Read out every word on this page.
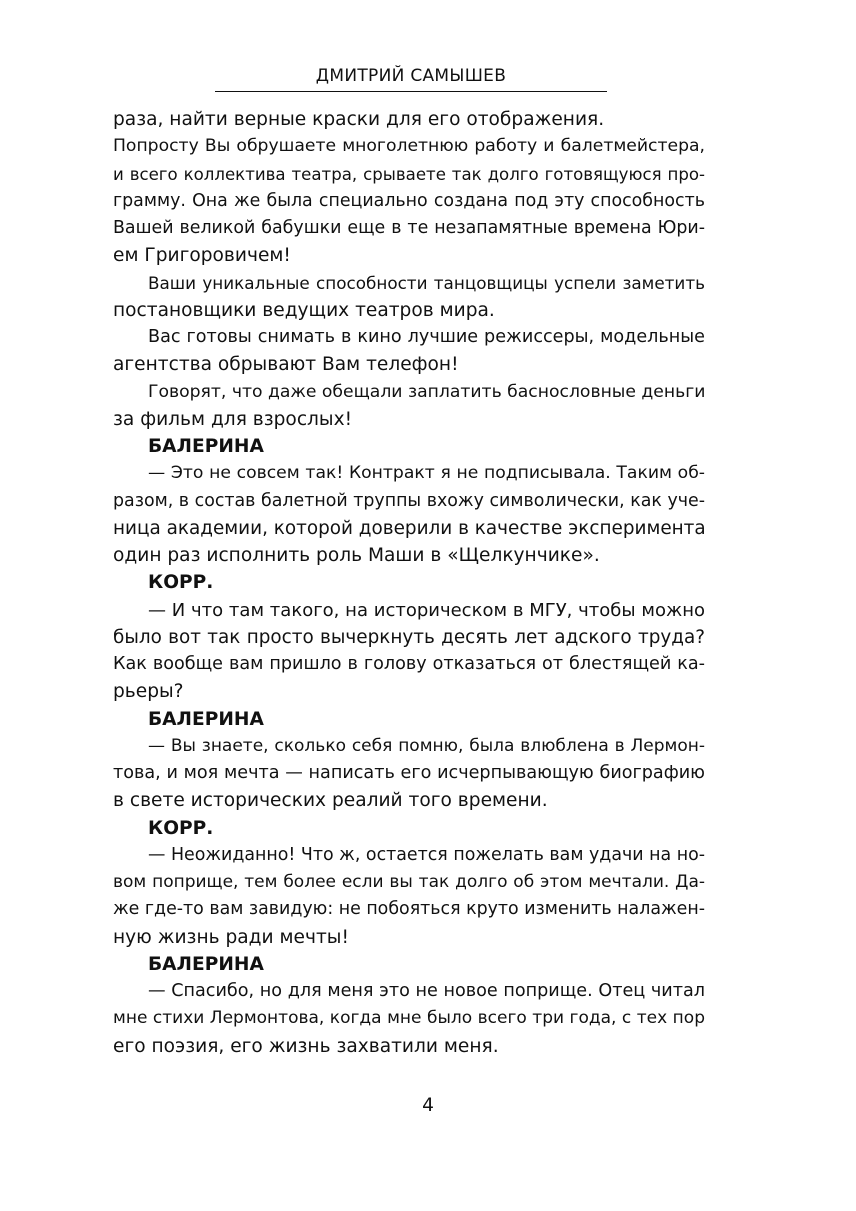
ДМИТРИЙ САМЫШЕВ
раза, найти верные краски для его отображения.
Попросту Вы обрушаете многолетнюю работу и балетмейстера,
и всего коллектива театра, срываете так долго готовящуюся про-
грамму. Она же была специально создана под эту способность
Вашей великой бабушки еще в те незапамятные времена Юри-
ем Григоровичем!
Ваши уникальные способности танцовщицы успели заметить
постановщики ведущих театров мира.
Вас готовы снимать в кино лучшие режиссеры, модельные
агентства обрывают Вам телефон!
Говорят, что даже обещали заплатить баснословные деньги
за фильм для взрослых!
БАЛЕРИНА
— Это не совсем так! Контракт я не подписывала. Таким об-
разом, в состав балетной труппы вхожу символически, как уче-
ница академии, которой доверили в качестве эксперимента
один раз исполнить роль Маши в «Щелкунчике».
КОРР.
— И что там такого, на историческом в МГУ, чтобы можно
было вот так просто вычеркнуть десять лет адского труда?
Как вообще вам пришло в голову отказаться от блестящей ка-
рьеры?
БАЛЕРИНА
— Вы знаете, сколько себя помню, была влюблена в Лермон-
това, и моя мечта — написать его исчерпывающую биографию
в свете исторических реалий того времени.
КОРР.
— Неожиданно! Что ж, остается пожелать вам удачи на но-
вом поприще, тем более если вы так долго об этом мечтали. Да-
же где-то вам завидую: не побояться круто изменить налажен-
ную жизнь ради мечты!
БАЛЕРИНА
— Спасибо, но для меня это не новое поприще. Отец читал
мне стихи Лермонтова, когда мне было всего три года, с тех пор
его поэзия, его жизнь захватили меня.
4
